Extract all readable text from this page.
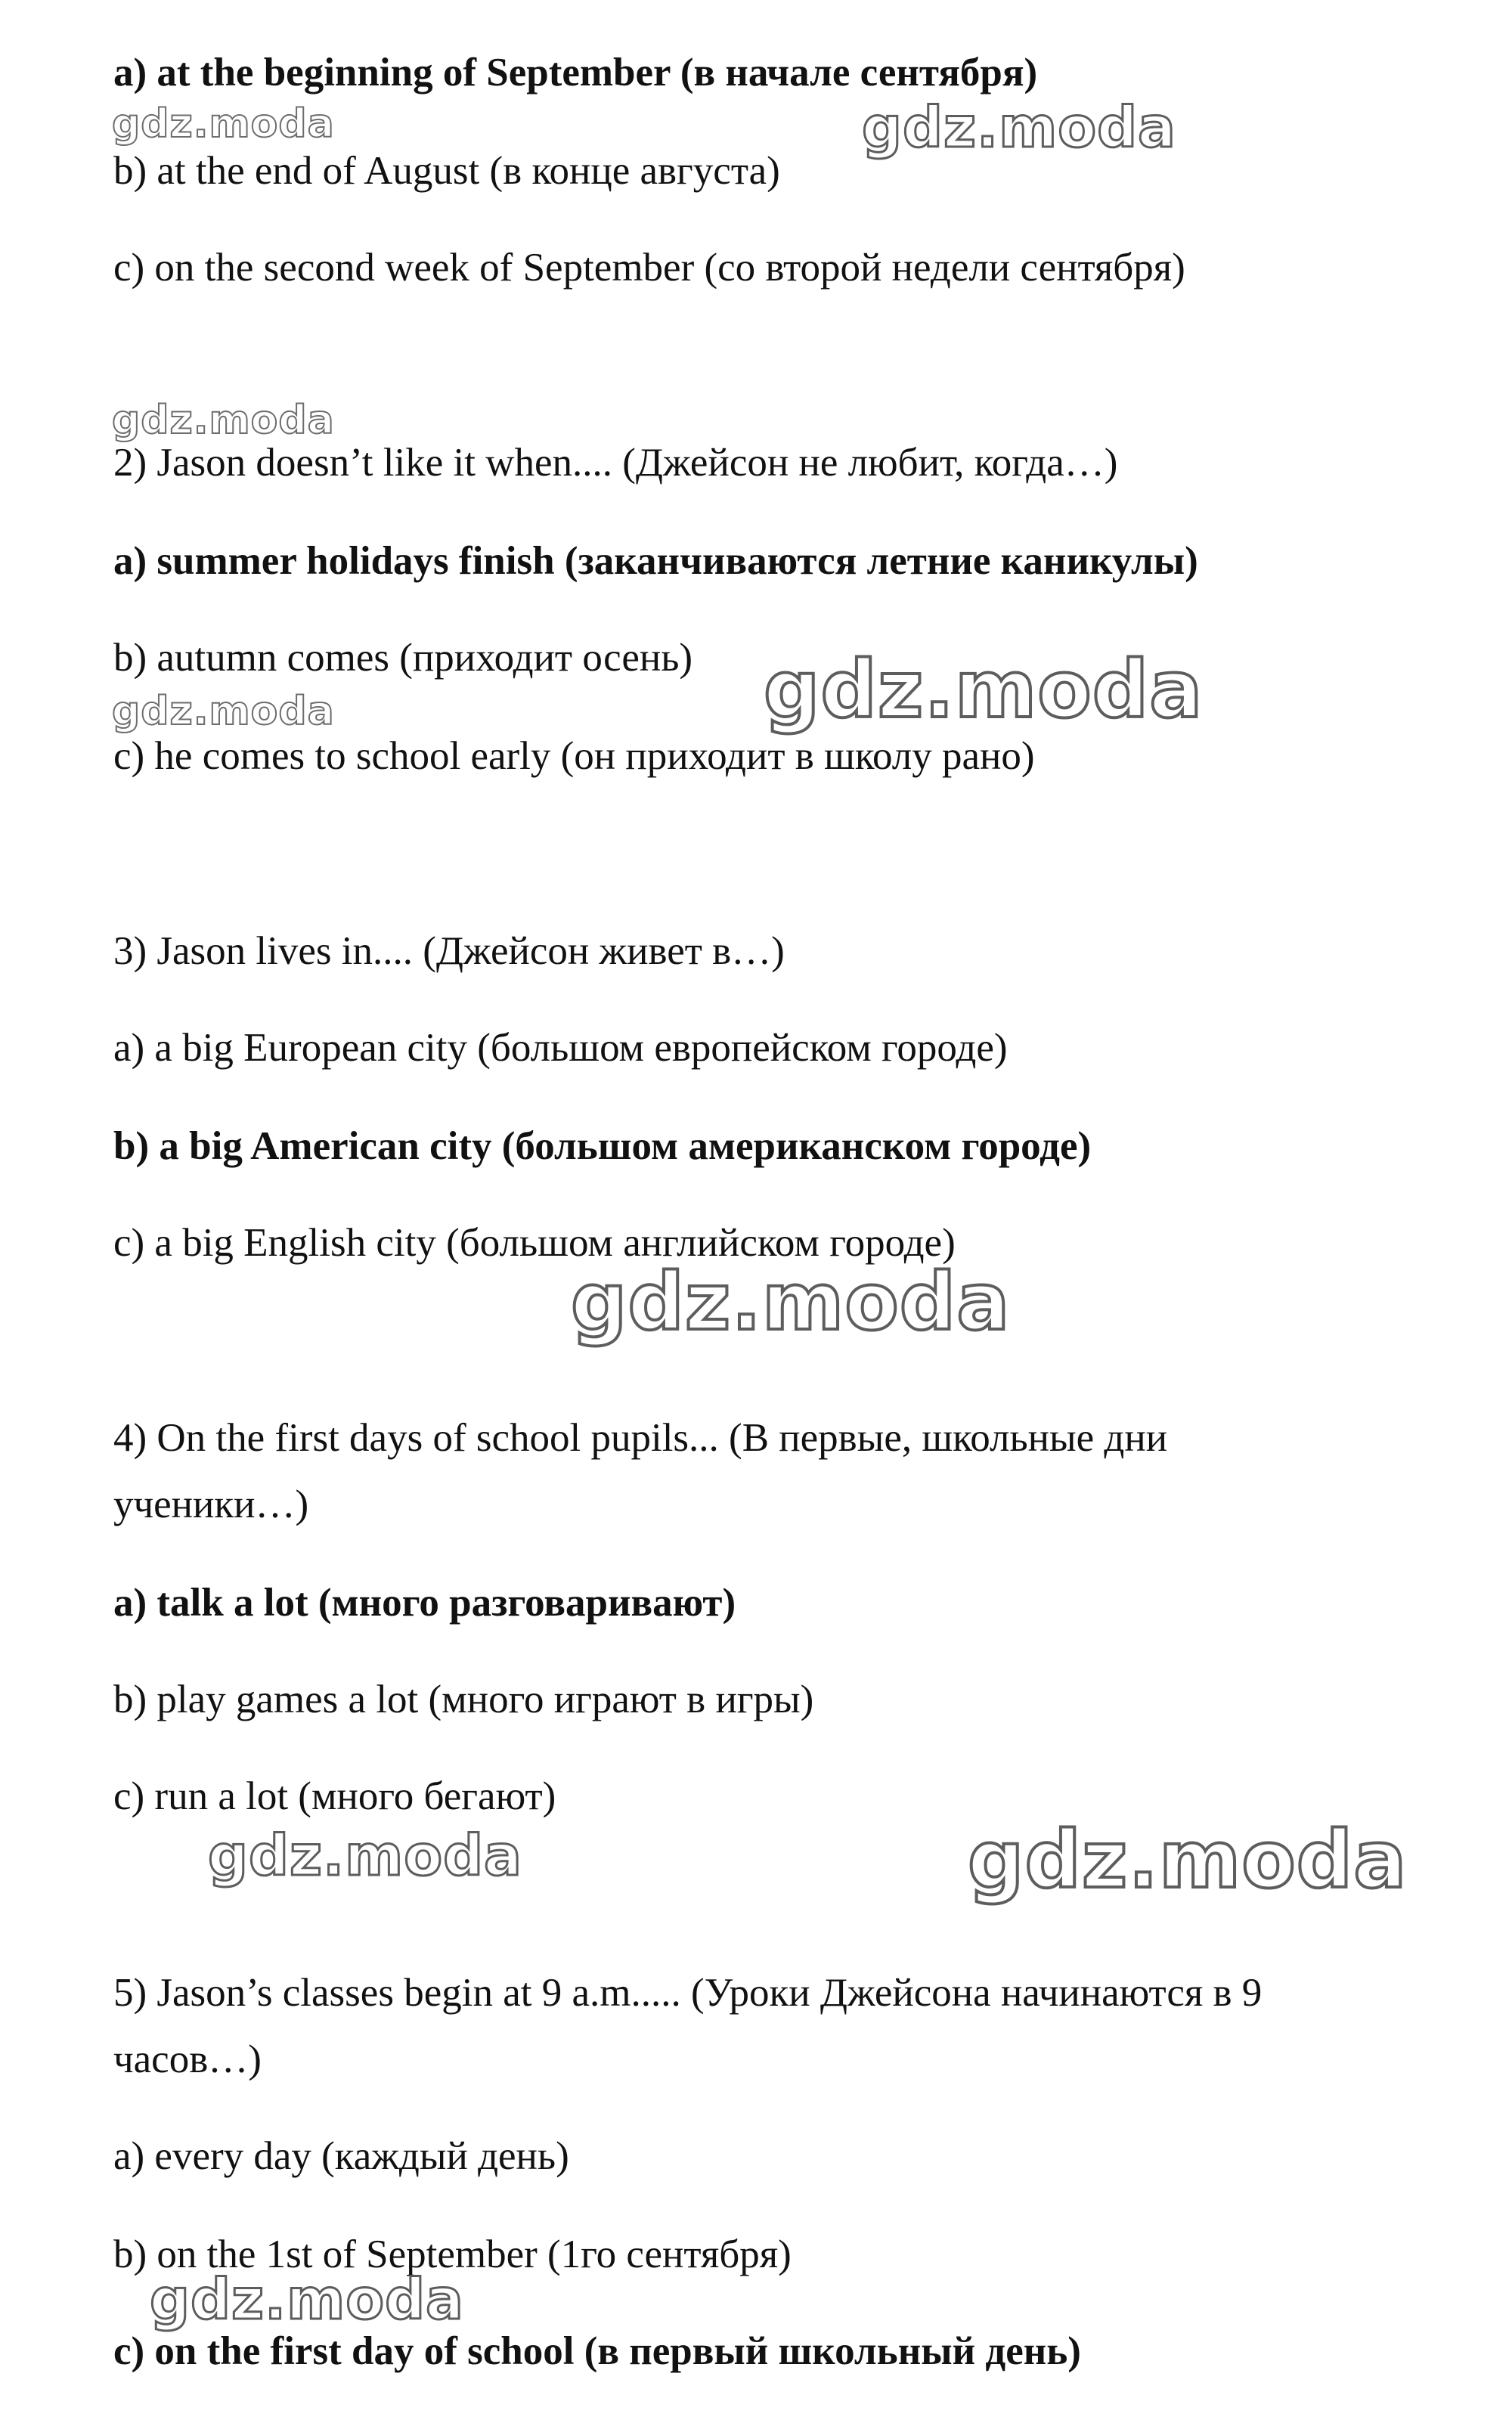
a) at the beginning of September (в начале сентября)
b) at the end of August (в конце августа)
c) on the second week of September (со второй недели сентября)
2) Jason doesn’t like it when.... (Джейсон не любит, когда…)
a) summer holidays finish (заканчиваются летние каникулы)
b) autumn comes (приходит осень)
c) he comes to school early (он приходит в школу рано)
3) Jason lives in.... (Джейсон живет в…)
a) a big European city (большом европейском городе)
b) a big American city (большом американском городе)
c) a big English city (большом английском городе)
4) On the first days of school pupils... (В первые, школьные дни
ученики…)
a) talk a lot (много разговаривают)
b) play games a lot (много играют в игры)
c) run a lot (много бегают)
5) Jason’s classes begin at 9 a.m..... (Уроки Джейсона начинаются в 9
часов…)
a) every day (каждый день)
b) on the 1st of September (1го сентября)
c) on the first day of school (в первый школьный день)
gdz.moda	gdz.moda
gdz.moda
gdz.moda
gdz.moda
gdz.moda
gdz.moda	gdz.moda
gdz.moda
